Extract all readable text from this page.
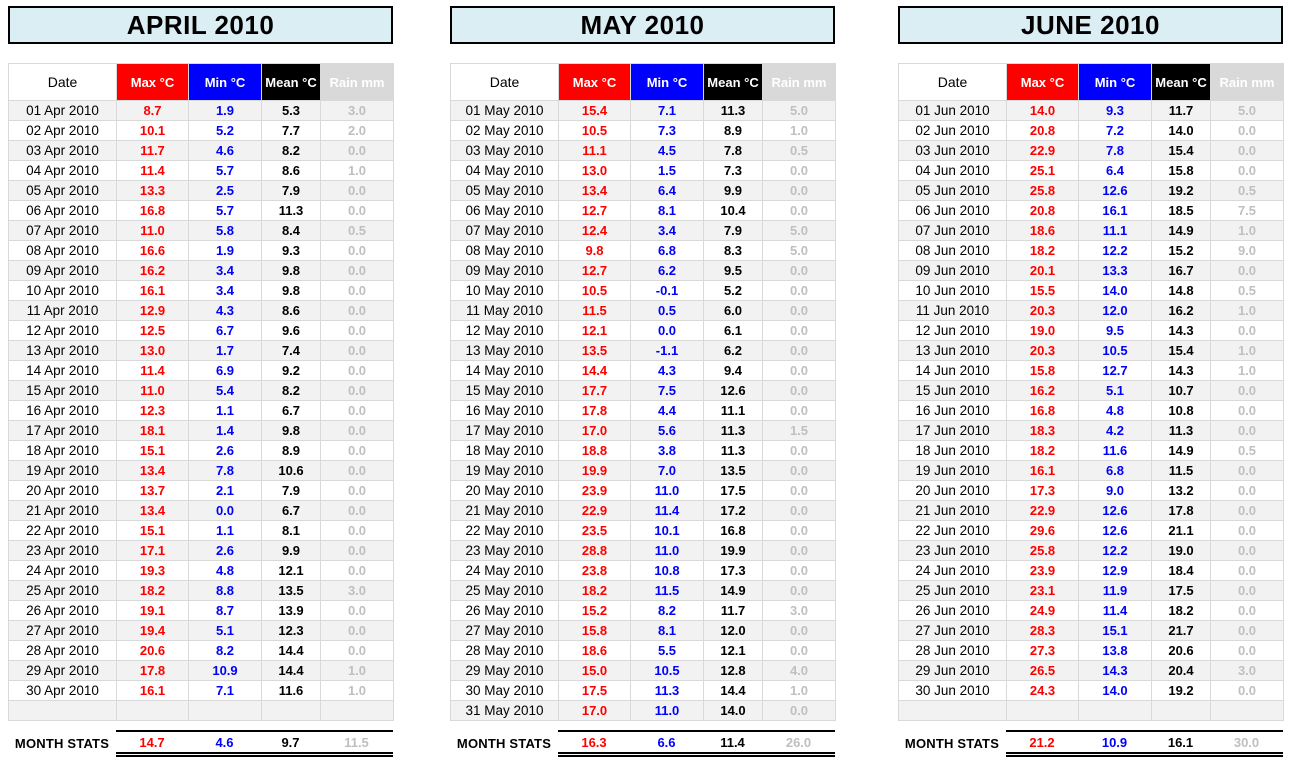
APRIL 2010
Date	Max °C	Min °C	Mean °C	Rain mm
01 Apr 2010	8.7	1.9	5.3	3.0
02 Apr 2010	10.1	5.2	7.7	2.0
03 Apr 2010	11.7	4.6	8.2	0.0
04 Apr 2010	11.4	5.7	8.6	1.0
05 Apr 2010	13.3	2.5	7.9	0.0
06 Apr 2010	16.8	5.7	11.3	0.0
07 Apr 2010	11.0	5.8	8.4	0.5
08 Apr 2010	16.6	1.9	9.3	0.0
09 Apr 2010	16.2	3.4	9.8	0.0
10 Apr 2010	16.1	3.4	9.8	0.0
11 Apr 2010	12.9	4.3	8.6	0.0
12 Apr 2010	12.5	6.7	9.6	0.0
13 Apr 2010	13.0	1.7	7.4	0.0
14 Apr 2010	11.4	6.9	9.2	0.0
15 Apr 2010	11.0	5.4	8.2	0.0
16 Apr 2010	12.3	1.1	6.7	0.0
17 Apr 2010	18.1	1.4	9.8	0.0
18 Apr 2010	15.1	2.6	8.9	0.0
19 Apr 2010	13.4	7.8	10.6	0.0
20 Apr 2010	13.7	2.1	7.9	0.0
21 Apr 2010	13.4	0.0	6.7	0.0
22 Apr 2010	15.1	1.1	8.1	0.0
23 Apr 2010	17.1	2.6	9.9	0.0
24 Apr 2010	19.3	4.8	12.1	0.0
25 Apr 2010	18.2	8.8	13.5	3.0
26 Apr 2010	19.1	8.7	13.9	0.0
27 Apr 2010	19.4	5.1	12.3	0.0
28 Apr 2010	20.6	8.2	14.4	0.0
29 Apr 2010	17.8	10.9	14.4	1.0
30 Apr 2010	16.1	7.1	11.6	1.0

MONTH STATS	14.7	4.6	9.7	11.5
MAY 2010
Date	Max °C	Min °C	Mean °C	Rain mm
01 May 2010	15.4	7.1	11.3	5.0
02 May 2010	10.5	7.3	8.9	1.0
03 May 2010	11.1	4.5	7.8	0.5
04 May 2010	13.0	1.5	7.3	0.0
05 May 2010	13.4	6.4	9.9	0.0
06 May 2010	12.7	8.1	10.4	0.0
07 May 2010	12.4	3.4	7.9	5.0
08 May 2010	9.8	6.8	8.3	5.0
09 May 2010	12.7	6.2	9.5	0.0
10 May 2010	10.5	-0.1	5.2	0.0
11 May 2010	11.5	0.5	6.0	0.0
12 May 2010	12.1	0.0	6.1	0.0
13 May 2010	13.5	-1.1	6.2	0.0
14 May 2010	14.4	4.3	9.4	0.0
15 May 2010	17.7	7.5	12.6	0.0
16 May 2010	17.8	4.4	11.1	0.0
17 May 2010	17.0	5.6	11.3	1.5
18 May 2010	18.8	3.8	11.3	0.0
19 May 2010	19.9	7.0	13.5	0.0
20 May 2010	23.9	11.0	17.5	0.0
21 May 2010	22.9	11.4	17.2	0.0
22 May 2010	23.5	10.1	16.8	0.0
23 May 2010	28.8	11.0	19.9	0.0
24 May 2010	23.8	10.8	17.3	0.0
25 May 2010	18.2	11.5	14.9	0.0
26 May 2010	15.2	8.2	11.7	3.0
27 May 2010	15.8	8.1	12.0	0.0
28 May 2010	18.6	5.5	12.1	0.0
29 May 2010	15.0	10.5	12.8	4.0
30 May 2010	17.5	11.3	14.4	1.0
31 May 2010	17.0	11.0	14.0	0.0
MONTH STATS	16.3	6.6	11.4	26.0
JUNE 2010
Date	Max °C	Min °C	Mean °C	Rain mm
01 Jun 2010	14.0	9.3	11.7	5.0
02 Jun 2010	20.8	7.2	14.0	0.0
03 Jun 2010	22.9	7.8	15.4	0.0
04 Jun 2010	25.1	6.4	15.8	0.0
05 Jun 2010	25.8	12.6	19.2	0.5
06 Jun 2010	20.8	16.1	18.5	7.5
07 Jun 2010	18.6	11.1	14.9	1.0
08 Jun 2010	18.2	12.2	15.2	9.0
09 Jun 2010	20.1	13.3	16.7	0.0
10 Jun 2010	15.5	14.0	14.8	0.5
11 Jun 2010	20.3	12.0	16.2	1.0
12 Jun 2010	19.0	9.5	14.3	0.0
13 Jun 2010	20.3	10.5	15.4	1.0
14 Jun 2010	15.8	12.7	14.3	1.0
15 Jun 2010	16.2	5.1	10.7	0.0
16 Jun 2010	16.8	4.8	10.8	0.0
17 Jun 2010	18.3	4.2	11.3	0.0
18 Jun 2010	18.2	11.6	14.9	0.5
19 Jun 2010	16.1	6.8	11.5	0.0
20 Jun 2010	17.3	9.0	13.2	0.0
21 Jun 2010	22.9	12.6	17.8	0.0
22 Jun 2010	29.6	12.6	21.1	0.0
23 Jun 2010	25.8	12.2	19.0	0.0
24 Jun 2010	23.9	12.9	18.4	0.0
25 Jun 2010	23.1	11.9	17.5	0.0
26 Jun 2010	24.9	11.4	18.2	0.0
27 Jun 2010	28.3	15.1	21.7	0.0
28 Jun 2010	27.3	13.8	20.6	0.0
29 Jun 2010	26.5	14.3	20.4	3.0
30 Jun 2010	24.3	14.0	19.2	0.0

MONTH STATS	21.2	10.9	16.1	30.0
